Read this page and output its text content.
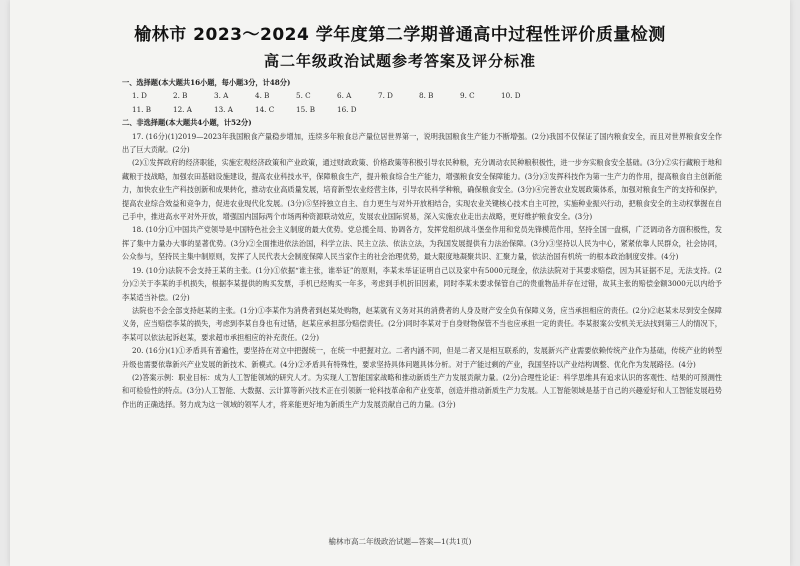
榆林市 2023～2024 学年度第二学期普通高中过程性评价质量检测
高二年级政治试题参考答案及评分标准
一、选择题(本大题共16小题，每小题3分，计48分)
1. D	2. B	3. A	4. B	5. C	6. A	7. D	8. B	9. C	10. D
11. B	12. A	13. A	14. C	15. B	16. D
二、非选择题(本大题共4小题，计52分)

17. (16分)(1)2019—2023年我国粮食产量稳步增加，连续多年粮食总产量位居世界第一，说明我国粮食生产能力不断增强。(2分)我国不仅保证了国内粮食安全，而且对世界粮食安全作出了巨大贡献。(2分)

(2)①发挥政府的经济职能，实施宏观经济政策和产业政策，通过财政政策、价格政策等积极引导农民种粮，充分调动农民种粮积极性，进一步夯实粮食安全基础。(3分)②实行藏粮于地和藏粮于技战略，加强农田基础设施建设，提高农业科技水平，保障粮食生产，提升粮食综合生产能力，增强粮食安全保障能力。(3分)③发挥科技作为第一生产力的作用，提高粮食自主创新能力，加快农业生产科技创新和成果转化，推动农业高质量发展，培育新型农业经营主体，引导农民科学种粮，确保粮食安全。(3分)④完善农业发展政策体系，加强对粮食生产的支持和保护，提高农业综合效益和竞争力，促进农业现代化发展。(3分)⑤坚持独立自主、自力更生与对外开放相结合，实现农业关键核心技术自主可控，实施种业振兴行动，把粮食安全的主动权掌握在自己手中，推进高水平对外开放，增强国内国际两个市场两种资源联动效应，发展农业国际贸易，深入实施农业走出去战略，更好维护粮食安全。(3分)

18. (10分)①中国共产党领导是中国特色社会主义制度的最大优势。党总揽全局、协调各方，发挥党组织战斗堡垒作用和党员先锋模范作用，坚持全国一盘棋，广泛调动各方面积极性，发挥了集中力量办大事的显著优势。(3分)②全面推进依法治国，科学立法、民主立法、依法立法，为我国发展提供有力法治保障。(3分)③坚持以人民为中心，紧紧依靠人民群众，社会协同，公众参与，坚持民主集中制原则，发挥了人民代表大会制度保障人民当家作主的社会治理优势，最大限度地凝聚共识、汇聚力量，依法治国有机统一的根本政治制度安排。(4分)

19. (10分)法院不会支持王某的主张。(1分)①依据“谁主张，谁举证”的原则，李某未举证证明自己以及家中有5000元现金，依法法院对于其要求赔偿，因为其证据不足，无法支持。(2分)②关于李某的手机损失，根据李某提供的购买发票，手机已经购买一年多，考虑到手机折旧因素，同时李某未要求保管自己的贵重物品并存在过错，故其主张的赔偿金额3000元以内给予李某适当补偿。(2分)

法院也不会全部支持赵某的主张。(1分)①李某作为消费者到赵某处购物，赵某就有义务对其的消费者的人身及财产安全负有保障义务，应当承担相应的责任。(2分)②赵某未尽到安全保障义务，应当赔偿李某的损失，考虑到李某自身也有过错，赵某应承担部分赔偿责任。(2分)同时李某对于自身财物保管不当也应承担一定的责任。李某报案公安机关无法找到第三人的情况下，李某可以依法起诉赵某，要求超市承担相应的补充责任。(2分)

20. (16分)(1)①矛盾具有普遍性，要坚持在对立中把握统一，在统一中把握对立。二者内涵不同，但是二者又是相互联系的，发展新兴产业需要依赖传统产业作为基础，传统产业的转型升级也需要依靠新兴产业发展的新技术、新模式。(4分)②矛盾具有特殊性，要求坚持具体问题具体分析。对于产能过剩的产业，我国坚持以产业结构调整、优化作为发展路径。(4分)

(2)答案示例：职业目标：成为人工智能领域的研究人才。为实现人工智能国家战略和推动新质生产力发展贡献力量。(2分)合理性论证：科学思维具有追求认识的客观性、结果的可预测性和可检验性的特点。(3分)人工智能、大数据、云计算等新兴技术正在引领新一轮科技革命和产业变革，创造并推动新质生产力发展。人工智能领域是基于自己的兴趣爱好和人工智能发展趋势作出的正确选择。努力成为这一领域的领军人才，将来能更好地为新质生产力发展贡献自己的力量。(3分)

榆林市高二年级政治试题—答案—1(共1页)
